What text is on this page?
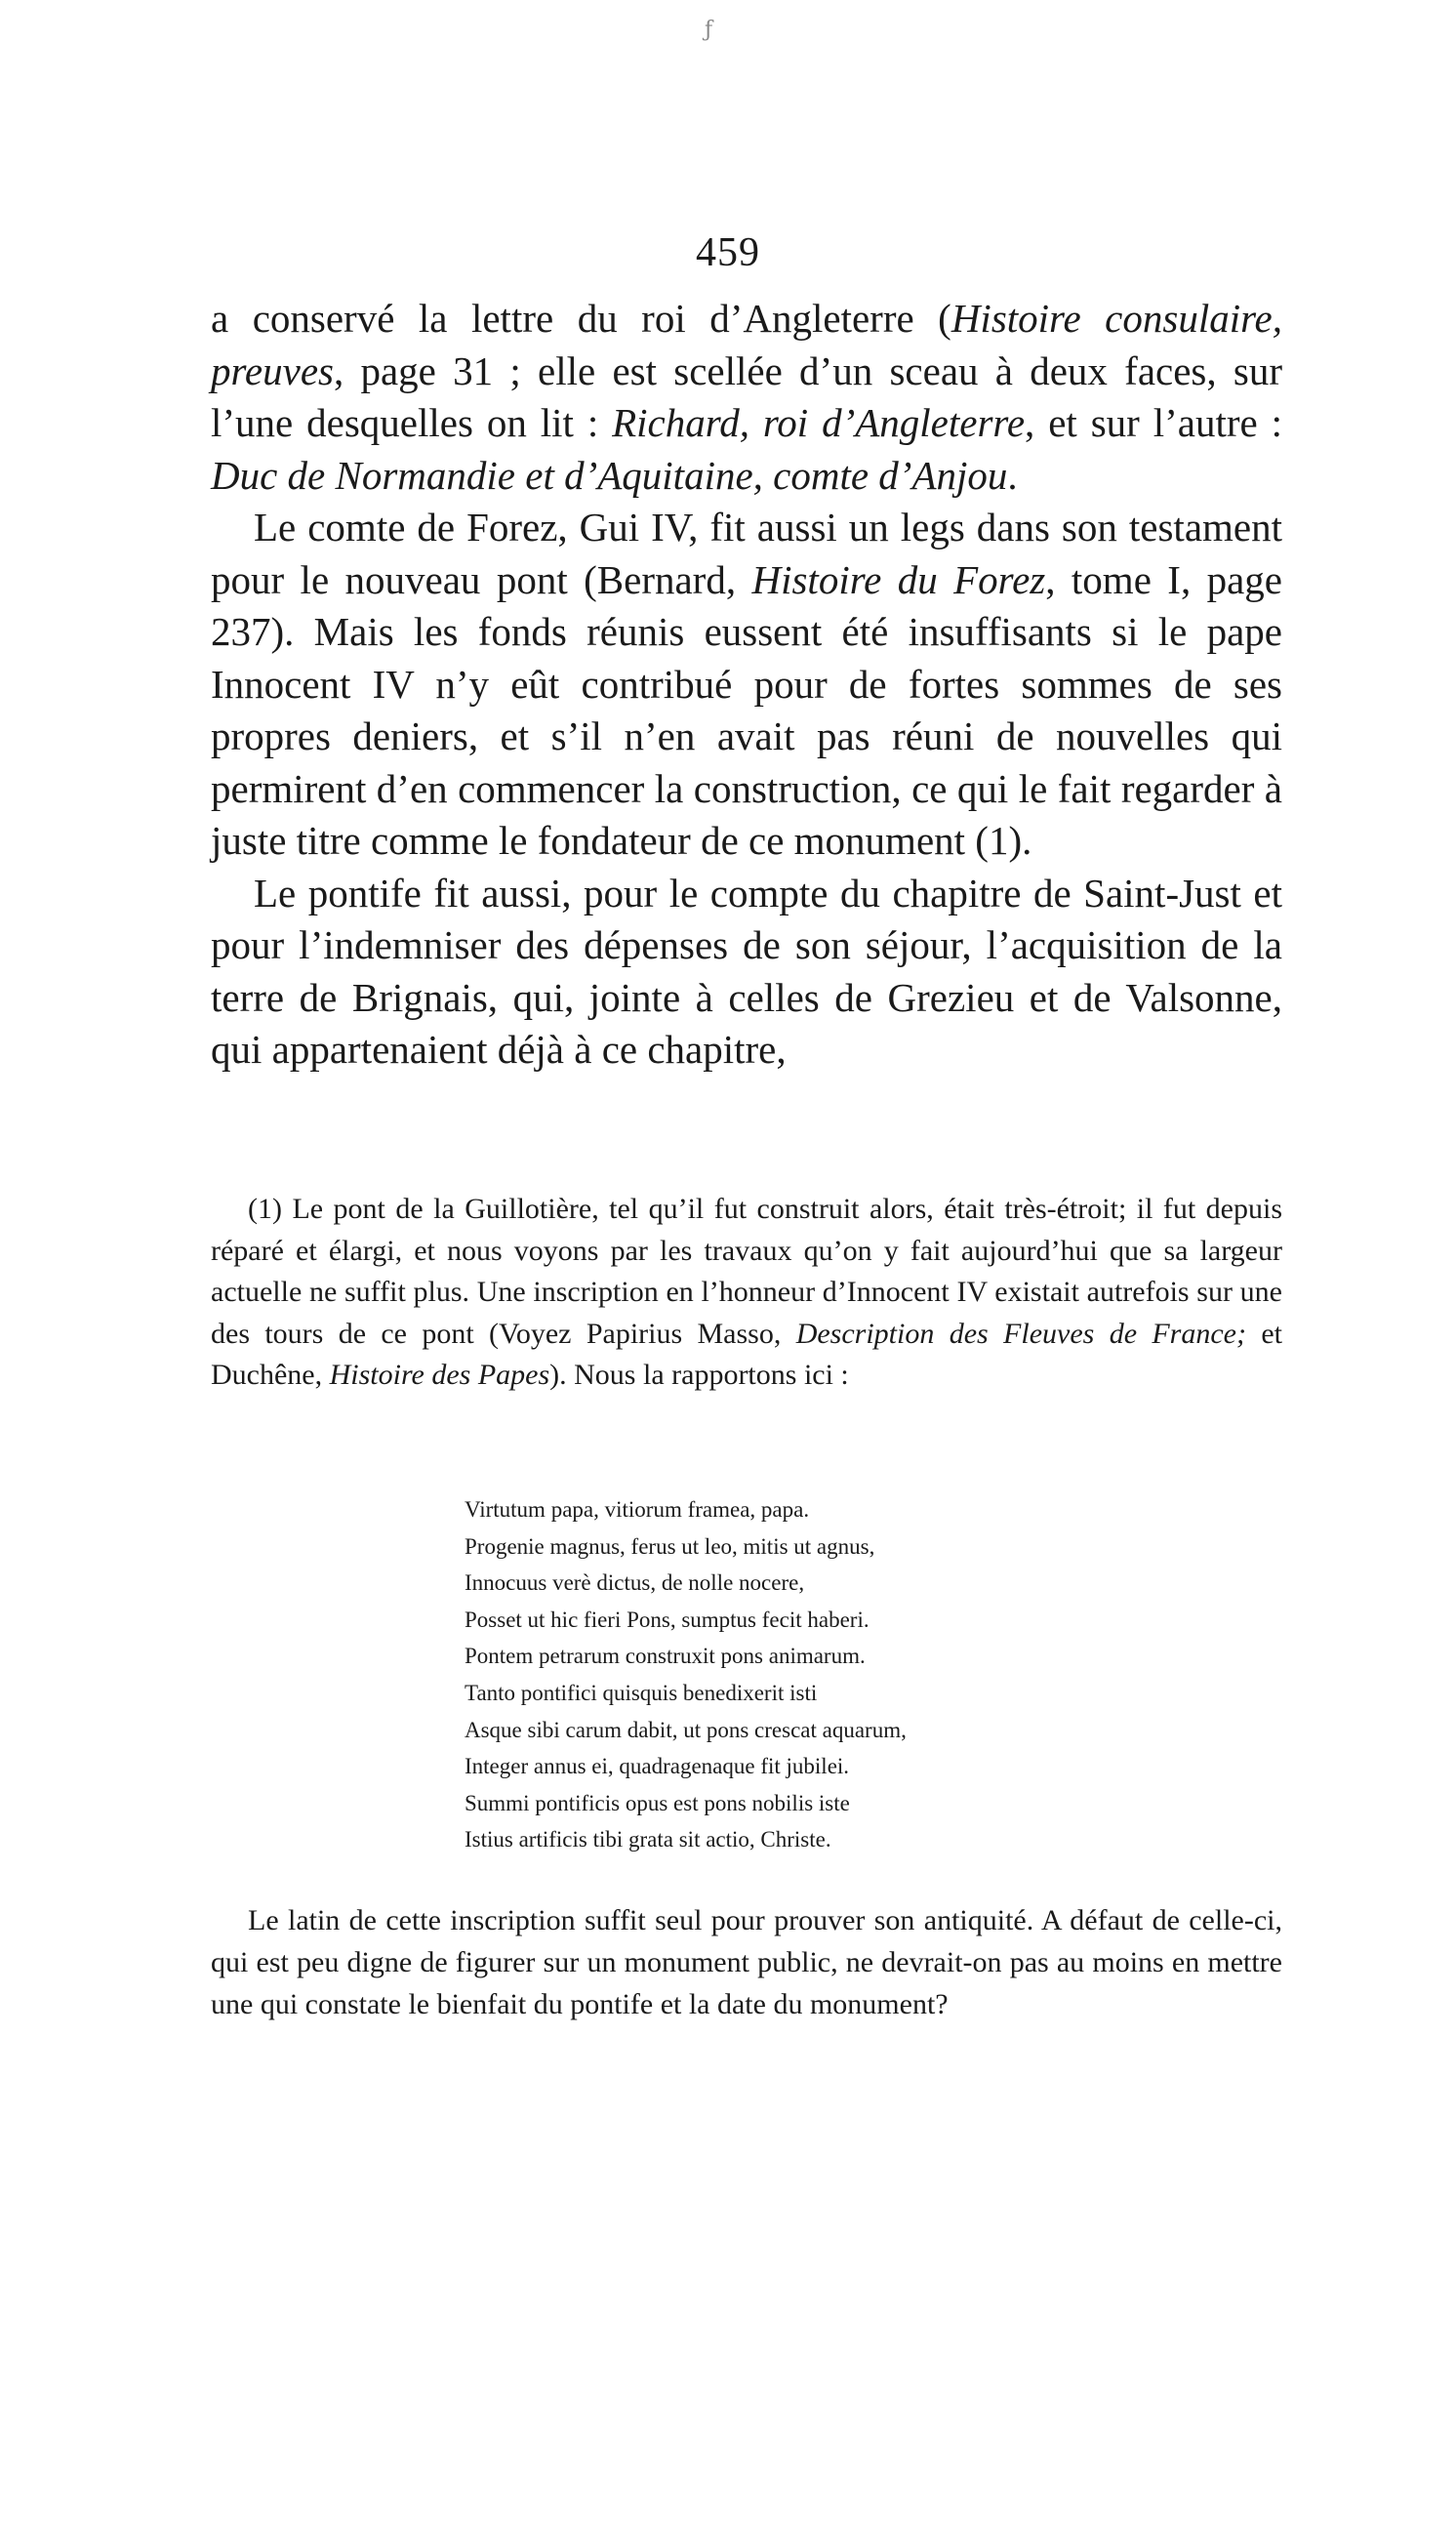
ƒ
459

a conservé la lettre du roi d’Angleterre (Histoire consulaire, preuves, page 31 ; elle est scellée d’un sceau à deux faces, sur l’une desquelles on lit : Richard, roi d’Angleterre, et sur l’autre : Duc de Normandie et d’Aquitaine, comte d’Anjou.

Le comte de Forez, Gui IV, fit aussi un legs dans son testament pour le nouveau pont (Bernard, Histoire du Forez, tome I, page 237). Mais les fonds réunis eussent été insuffisants si le pape Innocent IV n’y eût contribué pour de fortes sommes de ses propres deniers, et s’il n’en avait pas réuni de nouvelles qui permirent d’en commencer la construction, ce qui le fait regarder à juste titre comme le fondateur de ce monument (1).

Le pontife fit aussi, pour le compte du chapitre de Saint-Just et pour l’indemniser des dépenses de son séjour, l’acquisition de la terre de Brignais, qui, jointe à celles de Grezieu et de Valsonne, qui appartenaient déjà à ce chapitre,

(1) Le pont de la Guillotière, tel qu’il fut construit alors, était très-étroit; il fut depuis réparé et élargi, et nous voyons par les travaux qu’on y fait aujourd’hui que sa largeur actuelle ne suffit plus. Une inscription en l’honneur d’Innocent IV existait autrefois sur une des tours de ce pont (Voyez Papirius Masso, Description des Fleuves de France; et Duchêne, Histoire des Papes). Nous la rapportons ici :

Virtutum papa, vitiorum framea, papa.
Progenie magnus, ferus ut leo, mitis ut agnus,
Innocuus verè dictus, de nolle nocere,
Posset ut hic fieri Pons, sumptus fecit haberi.
Pontem petrarum construxit pons animarum.
Tanto pontifici quisquis benedixerit isti
Asque sibi carum dabit, ut pons crescat aquarum,
Integer annus ei, quadragenaque fit jubilei.
Summi pontificis opus est pons nobilis iste
Istius artificis tibi grata sit actio, Christe.

Le latin de cette inscription suffit seul pour prouver son antiquité. A défaut de celle-ci, qui est peu digne de figurer sur un monument public, ne devrait-on pas au moins en mettre une qui constate le bienfait du pontife et la date du monument?
